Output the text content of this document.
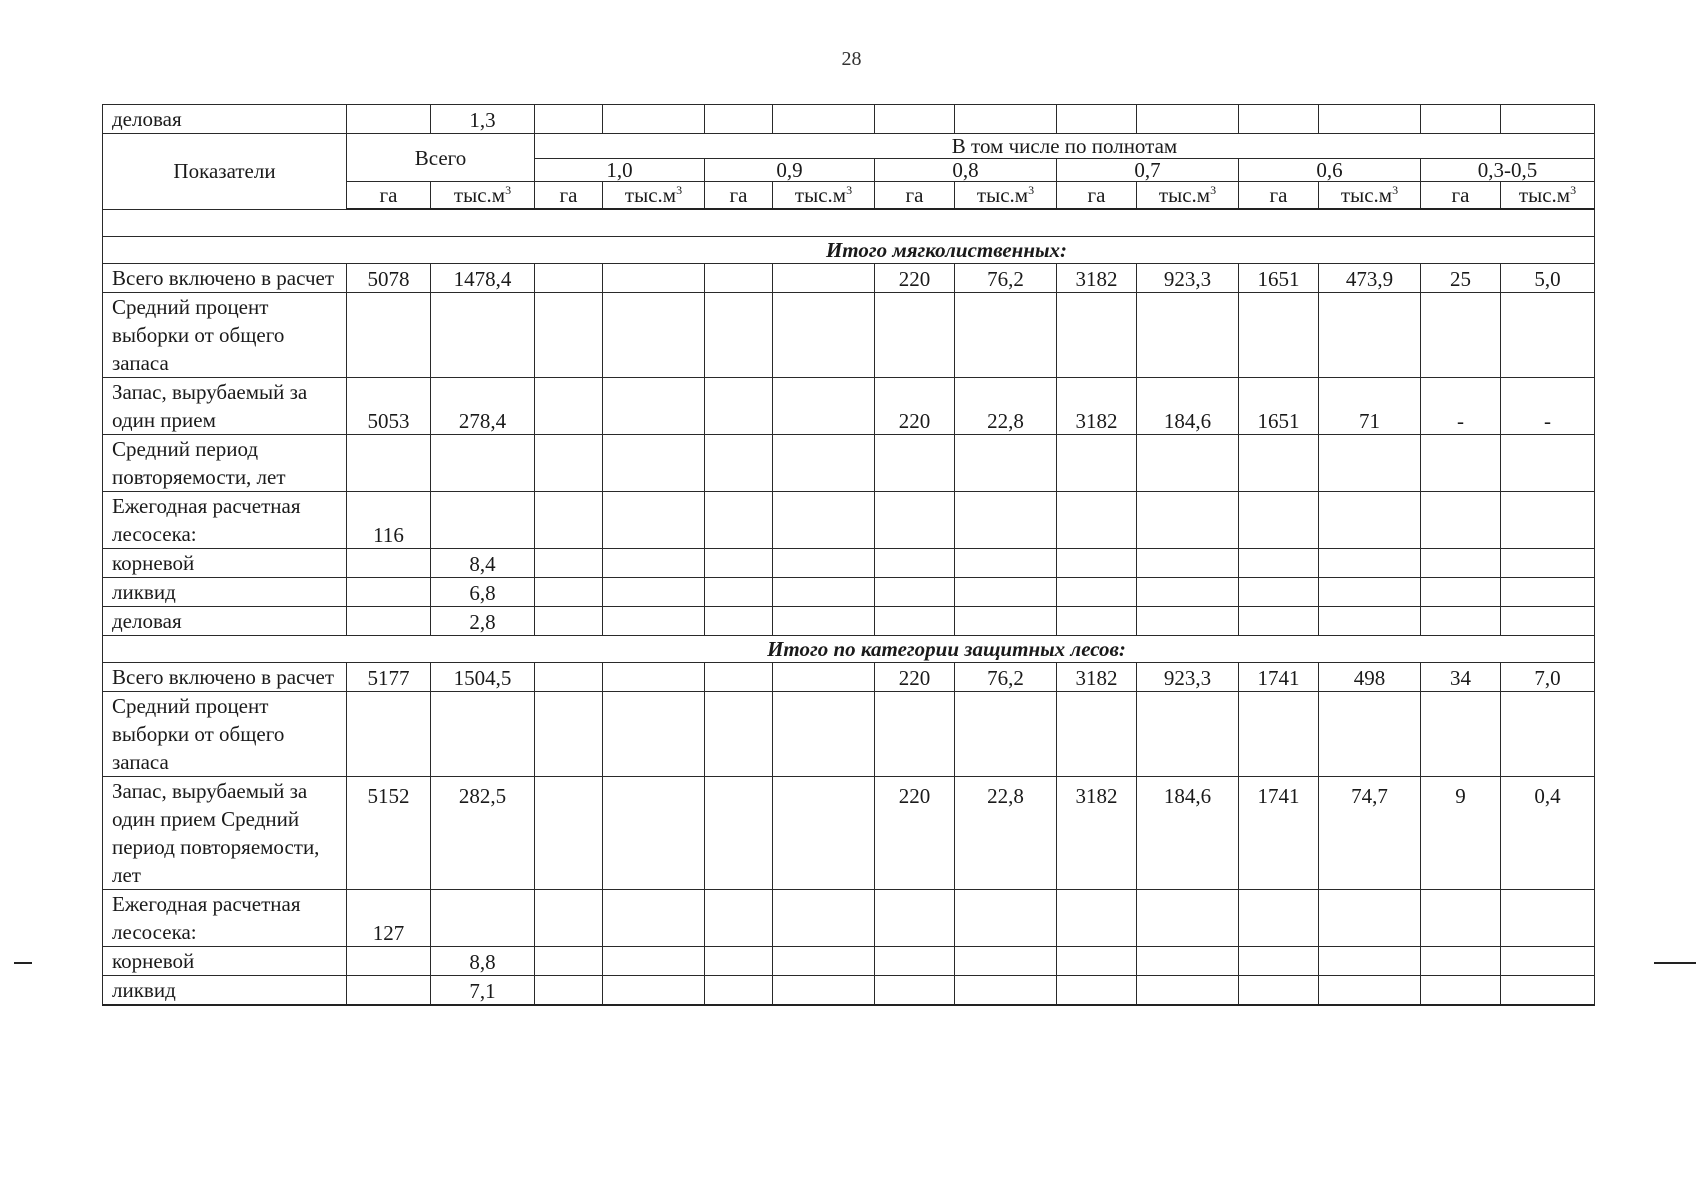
28
деловая		1,3												
Показатели	Всего		В том числе по полнотам											
			1,0		0,9		0,8		0,7		0,6		0,3-0,5	
	га	$тыс.м^3$	га	$тыс.м^3$	га	$тыс.м^3$	га	$тыс.м^3$	га	$тыс.м^3$	га	$тыс.м^3$	га	$тыс.м^3$

Итого мягколиственных:														
Всего включено в расчет	5078	1478,4					220	76,2	3182	923,3	1651	473,9	25	5,0
Средний процент выборки от общего запаса														
Запас, вырубаемый за один прием	5053	278,4					220	22,8	3182	184,6	1651	71	-	-
Средний период повторяемости, лет														
Ежегодная расчетная лесосека:	116													
корневой		8,4												
ликвид		6,8												
деловая		2,8												
Итого по категории защитных лесов:														
Всего включено в расчет	5177	1504,5					220	76,2	3182	923,3	1741	498	34	7,0
Средний процент выборки от общего запаса														
Запас, вырубаемый за один прием Средний период повторяемости, лет	5152	282,5					220	22,8	3182	184,6	1741	74,7	9	0,4
Ежегодная расчетная лесосека:	127													
корневой		8,8												
ликвид		7,1												
